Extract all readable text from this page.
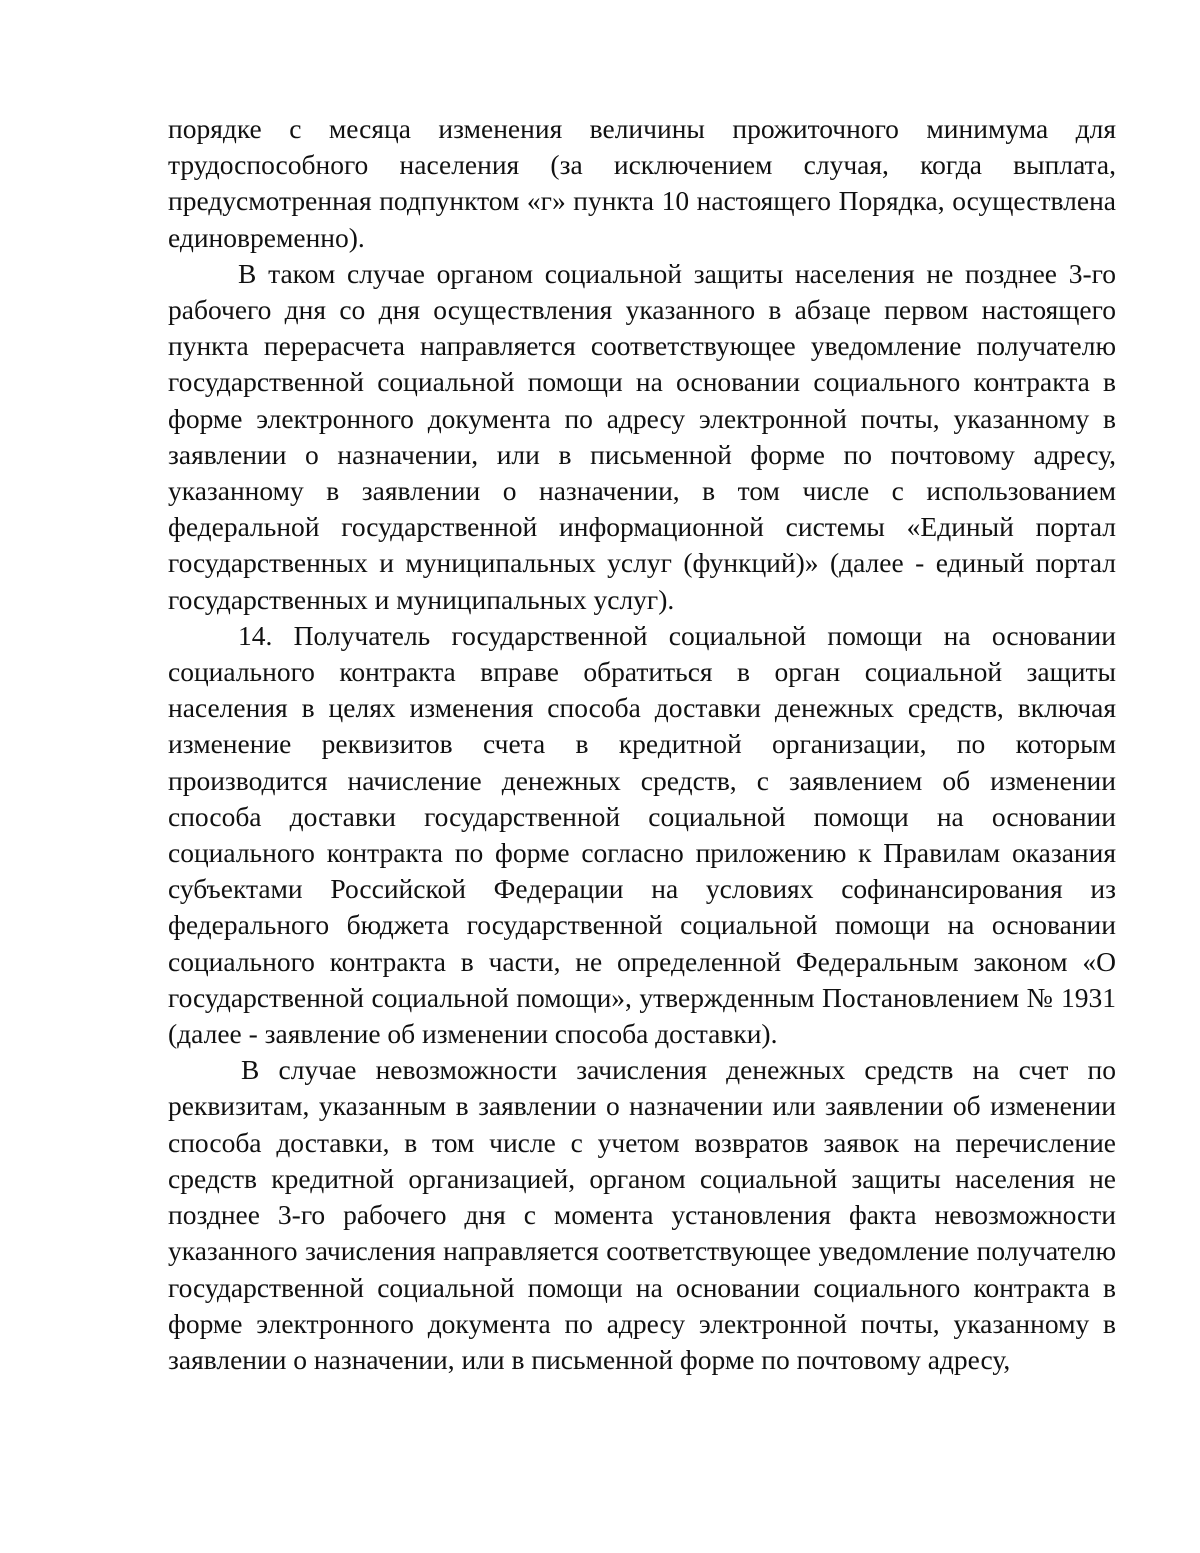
порядке с месяца изменения величины прожиточного минимума для трудоспособного населения (за исключением случая, когда выплата, предусмотренная подпунктом «г» пункта 10 настоящего Порядка, осуществлена единовременно).

В таком случае органом социальной защиты населения не позднее 3-го рабочего дня со дня осуществления указанного в абзаце первом настоящего пункта перерасчета направляется соответствующее уведомление получателю государственной социальной помощи на основании социального контракта в форме электронного документа по адресу электронной почты, указанному в заявлении о назначении, или в письменной форме по почтовому адресу, указанному в заявлении о назначении, в том числе с использованием федеральной государственной информационной системы «Единый портал государственных и муниципальных услуг (функций)» (далее - единый портал государственных и муниципальных услуг).

14. Получатель государственной социальной помощи на основании социального контракта вправе обратиться в орган социальной защиты населения в целях изменения способа доставки денежных средств, включая изменение реквизитов счета в кредитной организации, по которым производится начисление денежных средств, с заявлением об изменении способа доставки государственной социальной помощи на основании социального контракта по форме согласно приложению к Правилам оказания субъектами Российской Федерации на условиях софинансирования из федерального бюджета государственной социальной помощи на основании социального контракта в части, не определенной Федеральным законом «О государственной социальной помощи», утвержденным Постановлением № 1931 (далее - заявление об изменении способа доставки).

В случае невозможности зачисления денежных средств на счет по реквизитам, указанным в заявлении о назначении или заявлении об изменении способа доставки, в том числе с учетом возвратов заявок на перечисление средств кредитной организацией, органом социальной защиты населения не позднее 3-го рабочего дня с момента установления факта невозможности указанного зачисления направляется соответствующее уведомление получателю государственной социальной помощи на основании социального контракта в форме электронного документа по адресу электронной почты, указанному в заявлении о назначении, или в письменной форме по почтовому адресу,
